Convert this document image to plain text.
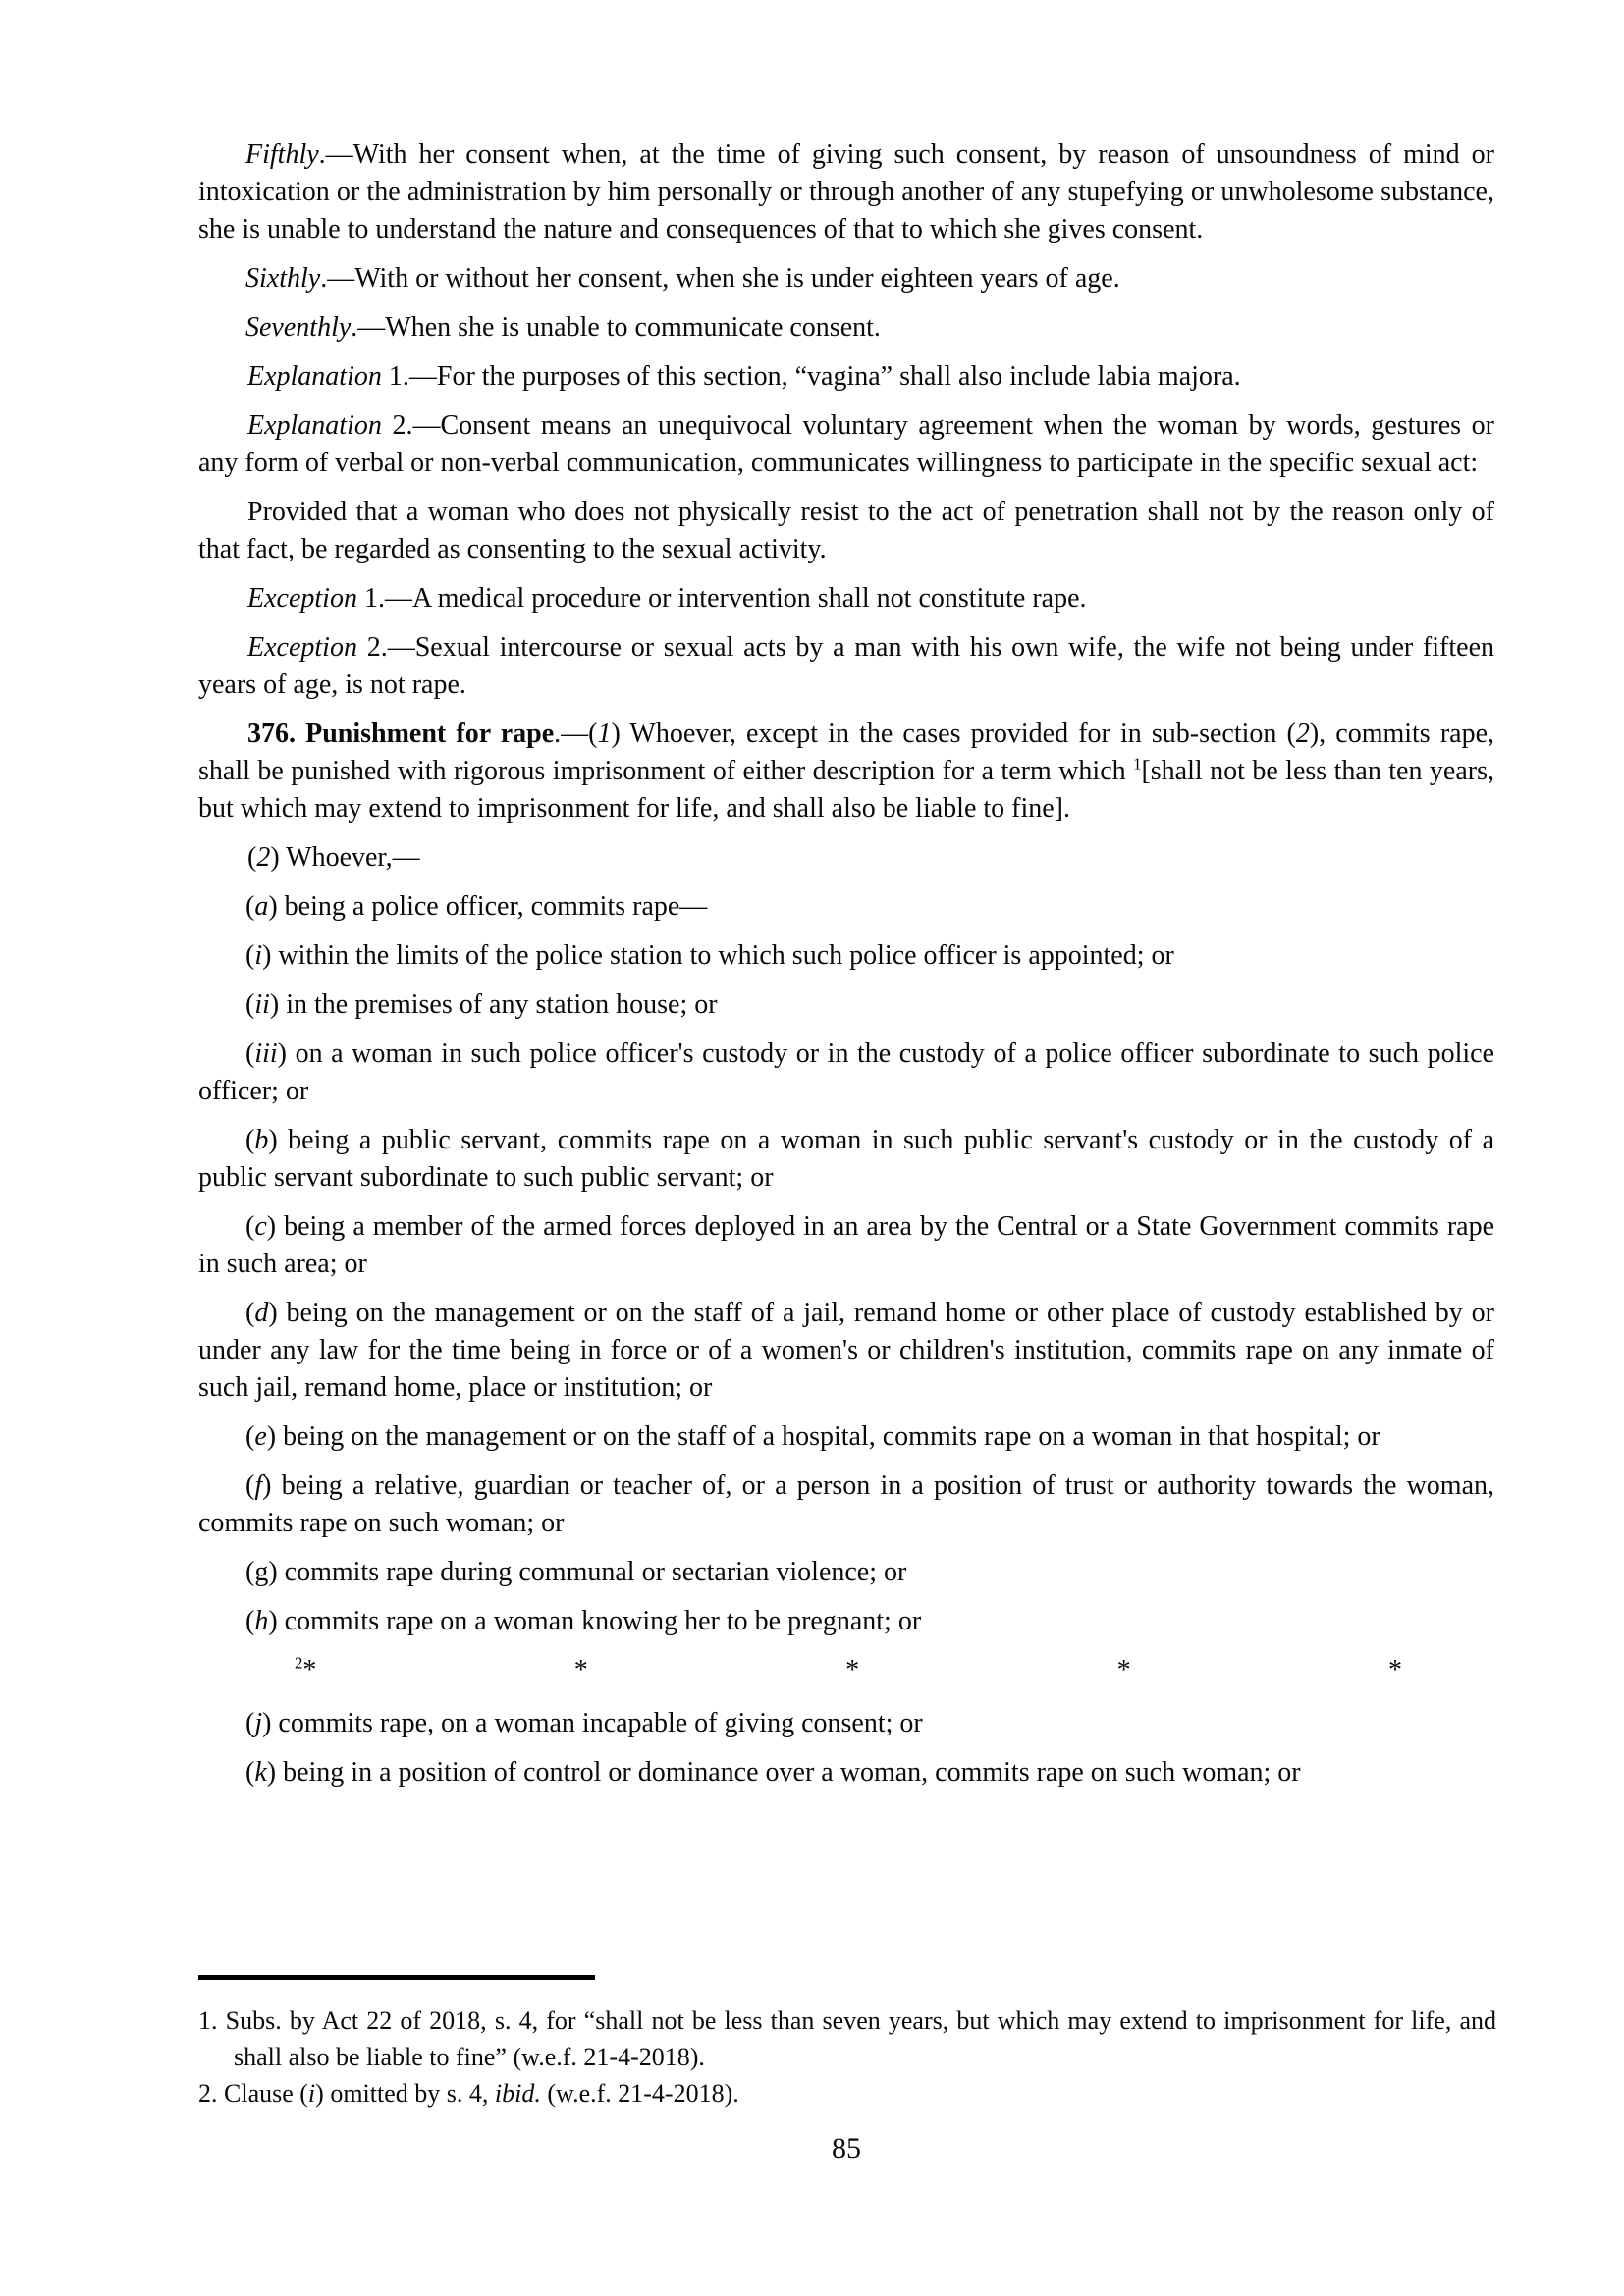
Fifthly.—With her consent when, at the time of giving such consent, by reason of unsoundness of mind or intoxication or the administration by him personally or through another of any stupefying or unwholesome substance, she is unable to understand the nature and consequences of that to which she gives consent.

Sixthly.—With or without her consent, when she is under eighteen years of age.

Seventhly.—When she is unable to communicate consent.

Explanation 1.—For the purposes of this section, “vagina” shall also include labia majora.

Explanation 2.—Consent means an unequivocal voluntary agreement when the woman by words, gestures or any form of verbal or non-verbal communication, communicates willingness to participate in the specific sexual act:

Provided that a woman who does not physically resist to the act of penetration shall not by the reason only of that fact, be regarded as consenting to the sexual activity.

Exception 1.—A medical procedure or intervention shall not constitute rape.

Exception 2.—Sexual intercourse or sexual acts by a man with his own wife, the wife not being under fifteen years of age, is not rape.

376. Punishment for rape.—(1) Whoever, except in the cases provided for in sub-section (2), commits rape, shall be punished with rigorous imprisonment of either description for a term which $^1$[shall not be less than ten years, but which may extend to imprisonment for life, and shall also be liable to fine].

(2) Whoever,—

(a) being a police officer, commits rape—

(i) within the limits of the police station to which such police officer is appointed; or

(ii) in the premises of any station house; or

(iii) on a woman in such police officer's custody or in the custody of a police officer subordinate to such police officer; or

(b) being a public servant, commits rape on a woman in such public servant's custody or in the custody of a public servant subordinate to such public servant; or

(c) being a member of the armed forces deployed in an area by the Central or a State Government commits rape in such area; or

(d) being on the management or on the staff of a jail, remand home or other place of custody established by or under any law for the time being in force or of a women's or children's institution, commits rape on any inmate of such jail, remand home, place or institution; or

(e) being on the management or on the staff of a hospital, commits rape on a woman in that hospital; or

(f) being a relative, guardian or teacher of, or a person in a position of trust or authority towards the woman, commits rape on such woman; or

(g) commits rape during communal or sectarian violence; or

(h) commits rape on a woman knowing her to be pregnant; or

$^2$*	*	*	*	*

(j) commits rape, on a woman incapable of giving consent; or

(k) being in a position of control or dominance over a woman, commits rape on such woman; or

1. Subs. by Act 22 of 2018, s. 4, for “shall not be less than seven years, but which may extend to imprisonment for life, and shall also be liable to fine” (w.e.f. 21-4-2018).

2. Clause (i) omitted by s. 4, ibid. (w.e.f. 21-4-2018).

85
